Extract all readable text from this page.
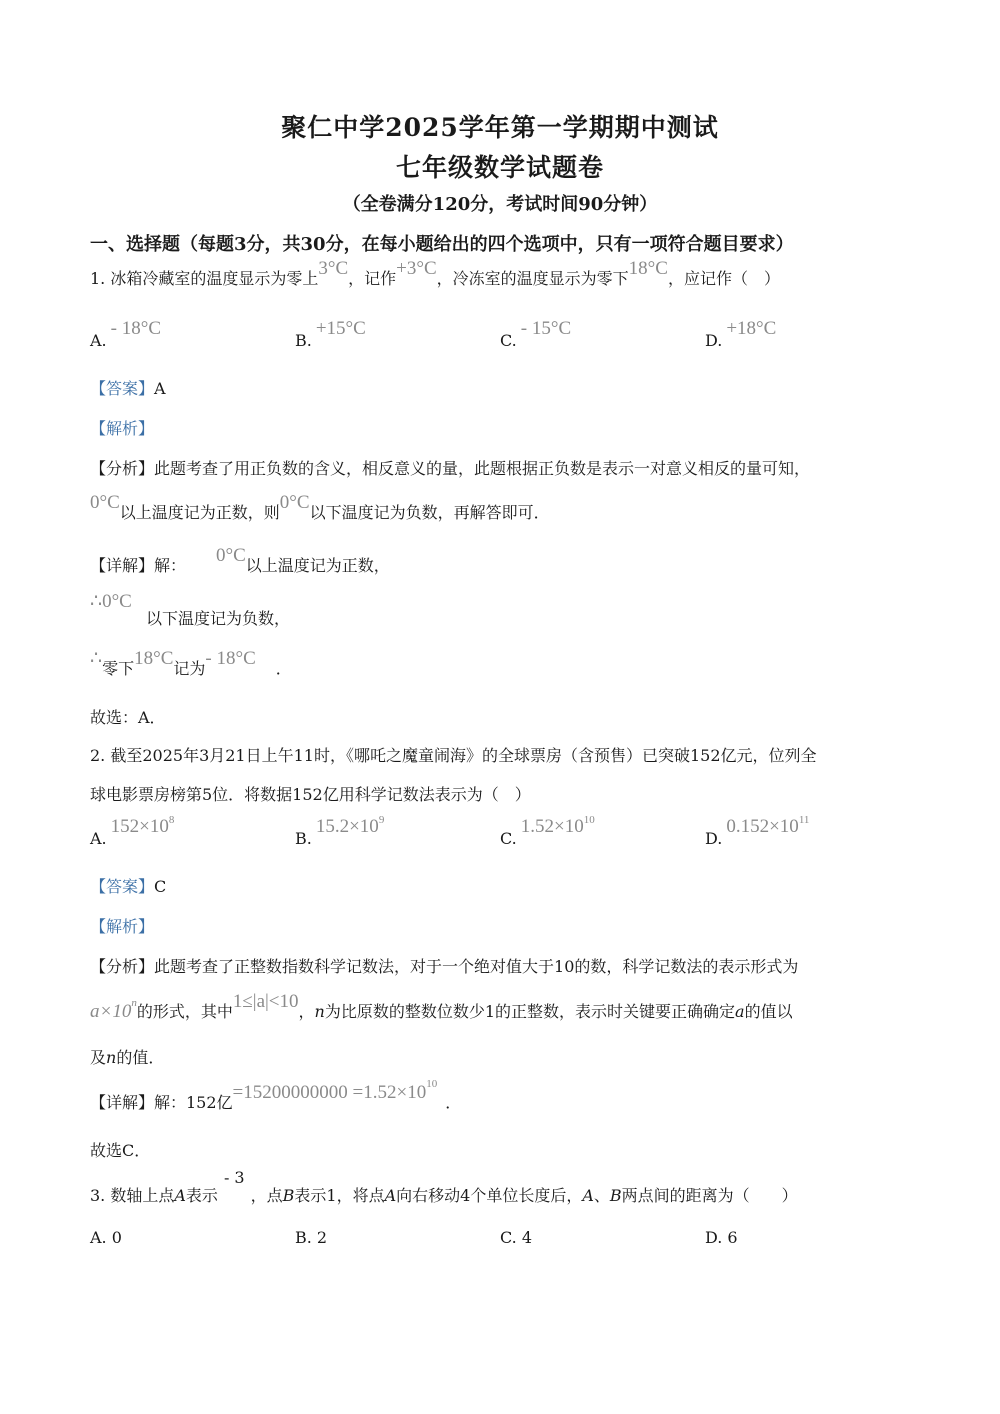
聚仁中学2025学年第一学期期中测试
七年级数学试题卷
（全卷满分120分，考试时间90分钟）
一、选择题（每题3分，共30分，在每小题给出的四个选项中，只有一项符合题目要求）
1. 冰箱冷藏室的温度显示为零上3°C，记作+3°C，冷冻室的温度显示为零下18°C，应记作（　）
A.- 18°C
B.+15°C
C.- 15°C
D.+18°C
【答案】A
【解析】
【分析】此题考查了用正负数的含义，相反意义的量，此题根据正负数是表示一对意义相反的量可知，
0°C以上温度记为正数，则0°C以下温度记为负数，再解答即可．
【详解】解： 0°C以上温度记为正数，
∴0°C
以下温度记为负数，
∴零下18°C记为- 18°C ．
故选：A．
2. 截至2025年3月21日上午11时，《哪吒之魔童闹海》的全球票房（含预售）已突破152亿元，位列全
球电影票房榜第5位．将数据152亿用科学记数法表示为（　）
$A.152\times 10^8$
$B.15.2\times 10^9$
$C.1.52\times 10^{10}$
$D.0.152\times 10^{11}$
【答案】C
【解析】
【分析】此题考查了正整数指数科学记数法，对于一个绝对值大于10的数，科学记数法的表示形式为
$a\times 10^n$的形式，其中1≤|a|<10，n为比原数的整数位数少1的正整数，表示时关键要正确确定a的值以
及n的值．
【详解】解：152亿$=15200000000 =1.52\times 10^{10}$．
故选C．
3. 数轴上点A表示- 3，点B表示1，将点A向右移动4个单位长度后，A、B两点间的距离为（　　）
A. 0	B. 2	C. 4	D. 6
